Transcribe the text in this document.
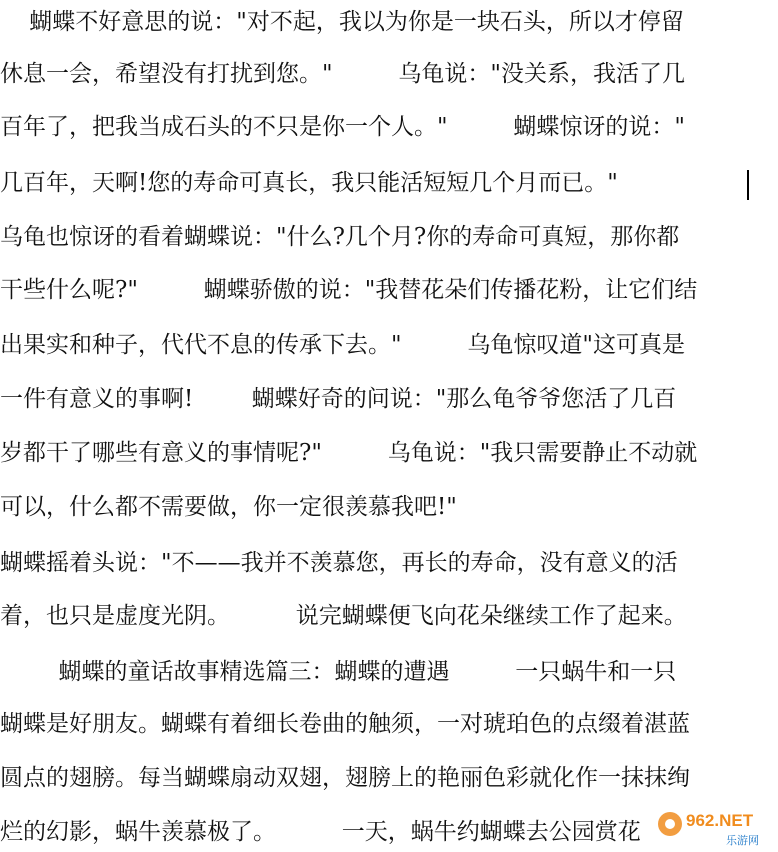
蝴蝶不好意思的说："对不起，我以为你是一块石头，所以才停留
休息一会，希望没有打扰到您。"         乌龟说："没关系，我活了几
百年了，把我当成石头的不只是你一个人。"         蝴蝶惊讶的说："
几百年，天啊!您的寿命可真长，我只能活短短几个月而已。"
乌龟也惊讶的看着蝴蝶说："什么?几个月?你的寿命可真短，那你都
干些什么呢?"         蝴蝶骄傲的说："我替花朵们传播花粉，让它们结
出果实和种子，代代不息的传承下去。"         乌龟惊叹道"这可真是
一件有意义的事啊!        蝴蝶好奇的问说："那么龟爷爷您活了几百
岁都干了哪些有意义的事情呢?"         乌龟说："我只需要静止不动就
可以，什么都不需要做，你一定很羡慕我吧!"
蝴蝶摇着头说："不——我并不羡慕您，再长的寿命，没有意义的活
着，也只是虚度光阴。         说完蝴蝶便飞向花朵继续工作了起来。
蝴蝶的童话故事精选篇三：蝴蝶的遭遇         一只蜗牛和一只
蝴蝶是好朋友。蝴蝶有着细长卷曲的触须，一对琥珀色的点缀着湛蓝
圆点的翅膀。每当蝴蝶扇动双翅，翅膀上的艳丽色彩就化作一抹抹绚
烂的幻影，蜗牛羡慕极了。         一天，蜗牛约蝴蝶去公园赏花	962.NET
乐游网
